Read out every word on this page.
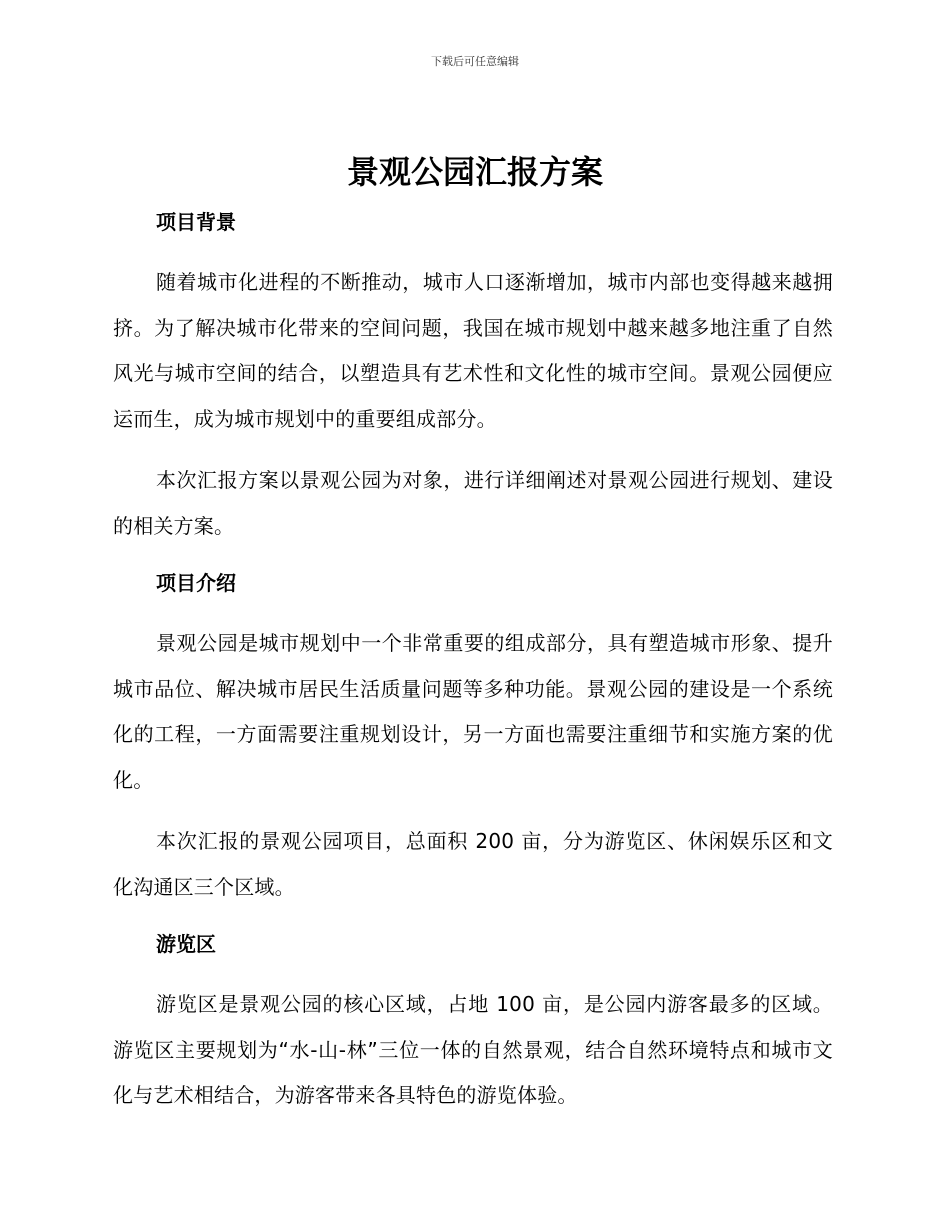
下载后可任意编辑
景观公园汇报方案
项目背景

随着城市化进程的不断推动，城市人口逐渐增加，城市内部也变得越来越拥挤。为了解决城市化带来的空间问题，我国在城市规划中越来越多地注重了自然风光与城市空间的结合，以塑造具有艺术性和文化性的城市空间。景观公园便应运而生，成为城市规划中的重要组成部分。

本次汇报方案以景观公园为对象，进行详细阐述对景观公园进行规划、建设的相关方案。

项目介绍

景观公园是城市规划中一个非常重要的组成部分，具有塑造城市形象、提升城市品位、解决城市居民生活质量问题等多种功能。景观公园的建设是一个系统化的工程，一方面需要注重规划设计，另一方面也需要注重细节和实施方案的优化。

本次汇报的景观公园项目，总面积 200 亩，分为游览区、休闲娱乐区和文化沟通区三个区域。

游览区

游览区是景观公园的核心区域，占地 100 亩，是公园内游客最多的区域。游览区主要规划为“水-山-林”三位一体的自然景观，结合自然环境特点和城市文化与艺术相结合，为游客带来各具特色的游览体验。
